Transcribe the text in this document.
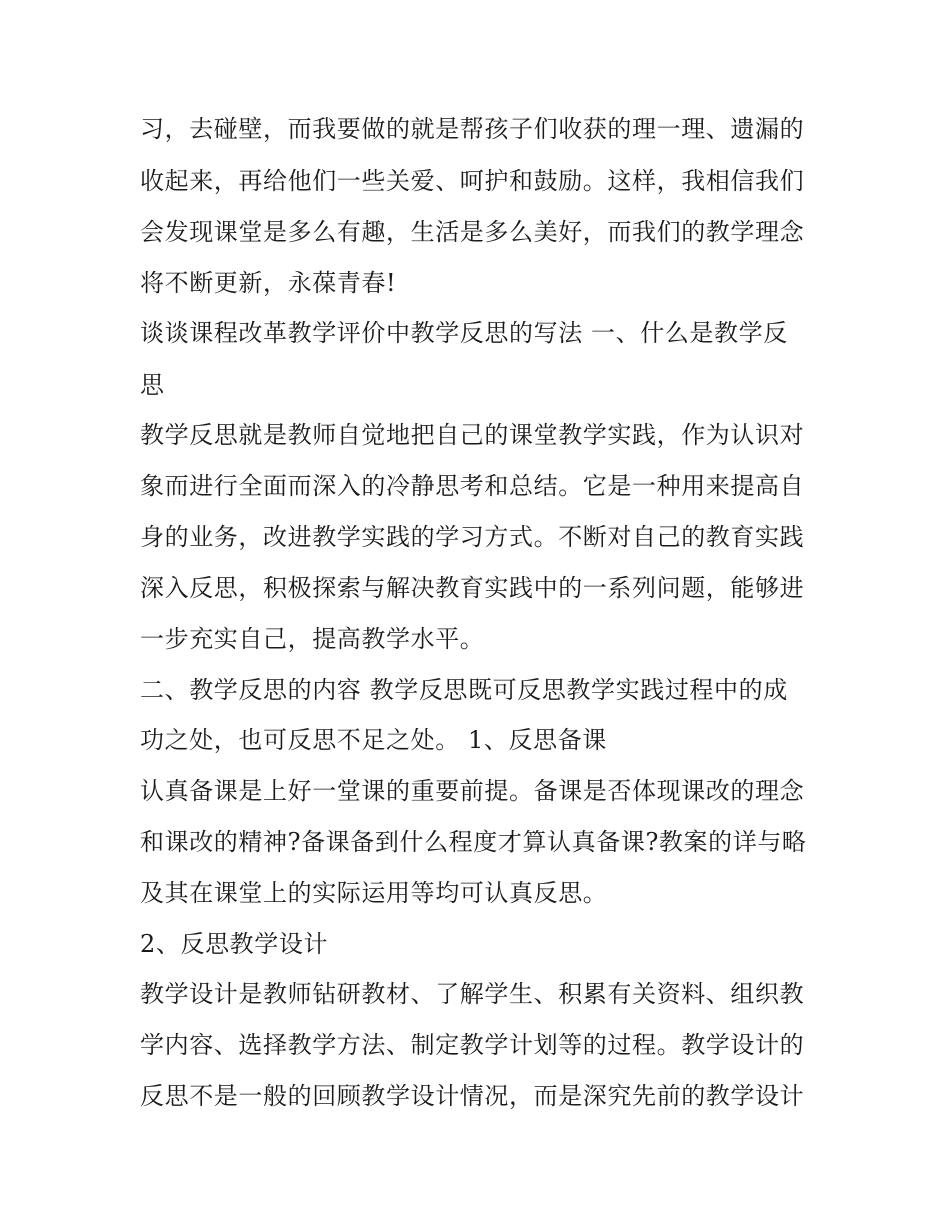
习，去碰壁，而我要做的就是帮孩子们收获的理一理、遗漏的
收起来，再给他们一些关爱、呵护和鼓励。这样，我相信我们
会发现课堂是多么有趣，生活是多么美好，而我们的教学理念
将不断更新，永葆青春!
谈谈课程改革教学评价中教学反思的写法 一、什么是教学反
思
教学反思就是教师自觉地把自己的课堂教学实践，作为认识对
象而进行全面而深入的冷静思考和总结。它是一种用来提高自
身的业务，改进教学实践的学习方式。不断对自己的教育实践
深入反思，积极探索与解决教育实践中的一系列问题，能够进
一步充实自己，提高教学水平。
二、教学反思的内容 教学反思既可反思教学实践过程中的成
功之处，也可反思不足之处。 1、反思备课
认真备课是上好一堂课的重要前提。备课是否体现课改的理念
和课改的精神?备课备到什么程度才算认真备课?教案的详与略
及其在课堂上的实际运用等均可认真反思。
2、反思教学设计
教学设计是教师钻研教材、了解学生、积累有关资料、组织教
学内容、选择教学方法、制定教学计划等的过程。教学设计的
反思不是一般的回顾教学设计情况，而是深究先前的教学设计
